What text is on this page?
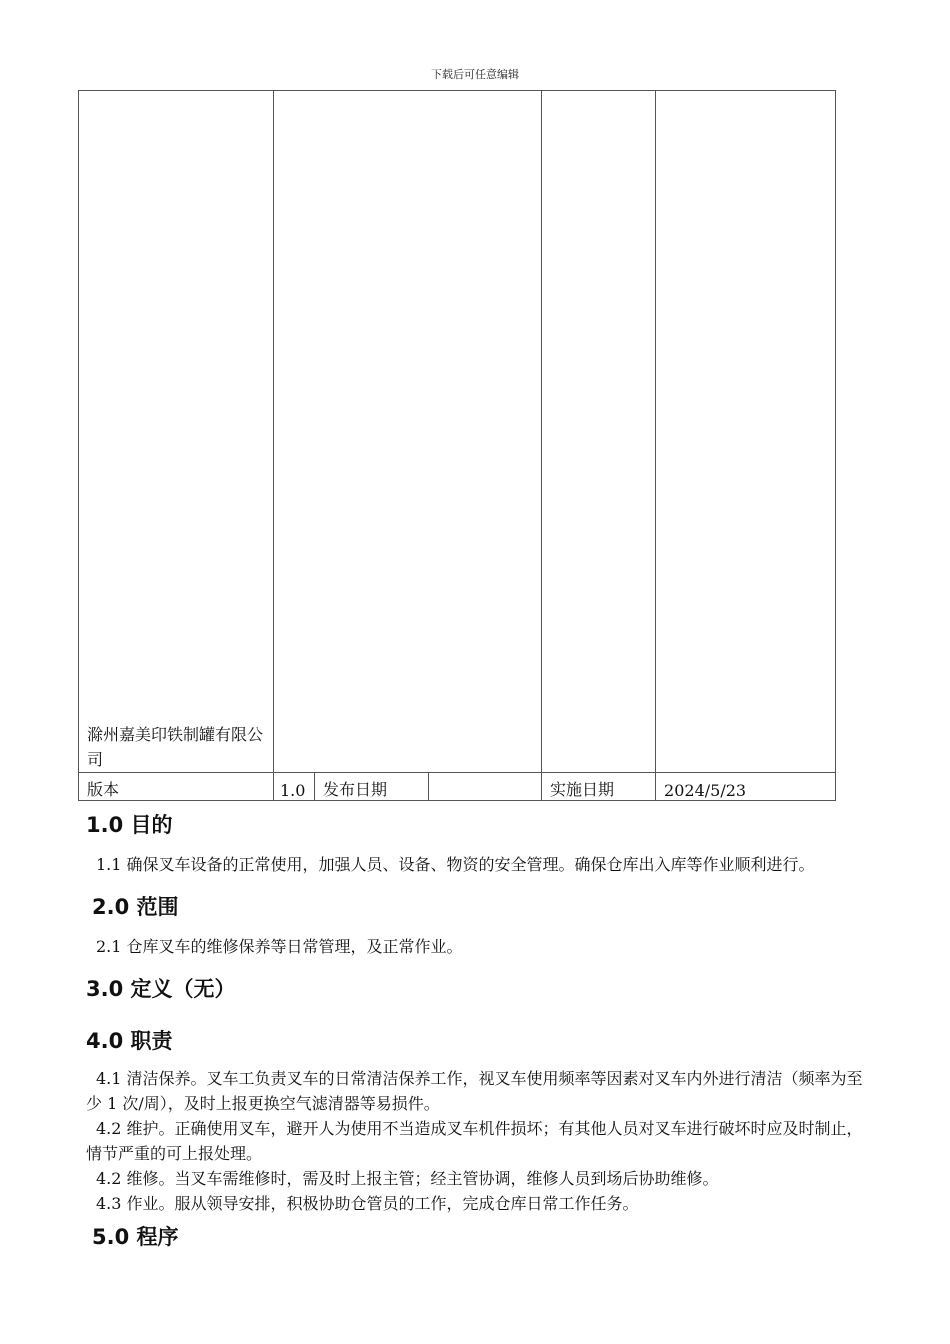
下载后可任意编辑
滁州嘉美印铁制罐有限公司					
版本	1.0	发布日期		实施日期	2024/5/23
1.0 目的

1.1 确保叉车设备的正常使用，加强人员、设备、物资的安全管理。确保仓库出入库等作业顺利进行。

2.0 范围

2.1 仓库叉车的维修保养等日常管理，及正常作业。

3.0 定义（无）
4.0 职责

4.1 清洁保养。叉车工负责叉车的日常清洁保养工作，视叉车使用频率等因素对叉车内外进行清洁（频率为至少 1 次/周），及时上报更换空气滤清器等易损件。

4.2 维护。正确使用叉车，避开人为使用不当造成叉车机件损坏；有其他人员对叉车进行破坏时应及时制止，情节严重的可上报处理。

4.2 维修。当叉车需维修时，需及时上报主管；经主管协调，维修人员到场后协助维修。

4.3 作业。服从领导安排，积极协助仓管员的工作，完成仓库日常工作任务。

5.0 程序
